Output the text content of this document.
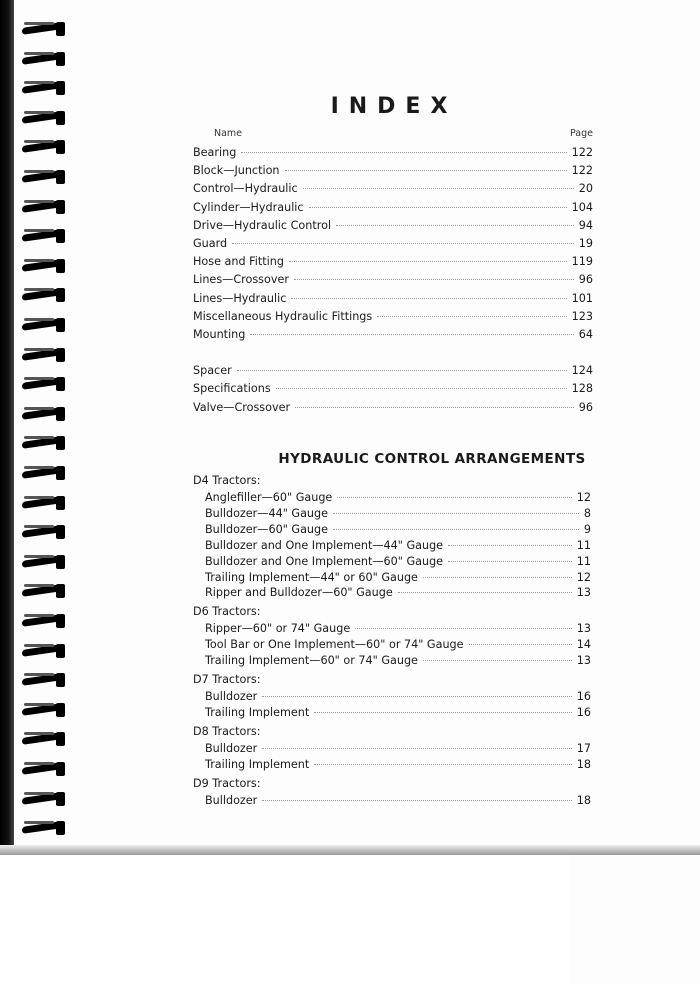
INDEX
Name	Page
Bearing	122
Block—Junction	122
Control—Hydraulic	20
Cylinder—Hydraulic	104
Drive—Hydraulic Control	94
Guard	19
Hose and Fitting	119
Lines—Crossover	96
Lines—Hydraulic	101
Miscellaneous Hydraulic Fittings	123
Mounting	64
Spacer	124
Specifications	128
Valve—Crossover	96
HYDRAULIC CONTROL ARRANGEMENTS
D4 Tractors:
Anglefiller—60" Gauge	12
Bulldozer—44" Gauge	8
Bulldozer—60" Gauge	9
Bulldozer and One Implement—44" Gauge	11
Bulldozer and One Implement—60" Gauge	11
Trailing Implement—44" or 60" Gauge	12
Ripper and Bulldozer—60" Gauge	13
D6 Tractors:
Ripper—60" or 74" Gauge	13
Tool Bar or One Implement—60" or 74" Gauge	14
Trailing Implement—60" or 74" Gauge	13
D7 Tractors:
Bulldozer	16
Trailing Implement	16
D8 Tractors:
Bulldozer	17
Trailing Implement	18
D9 Tractors:
Bulldozer	18
